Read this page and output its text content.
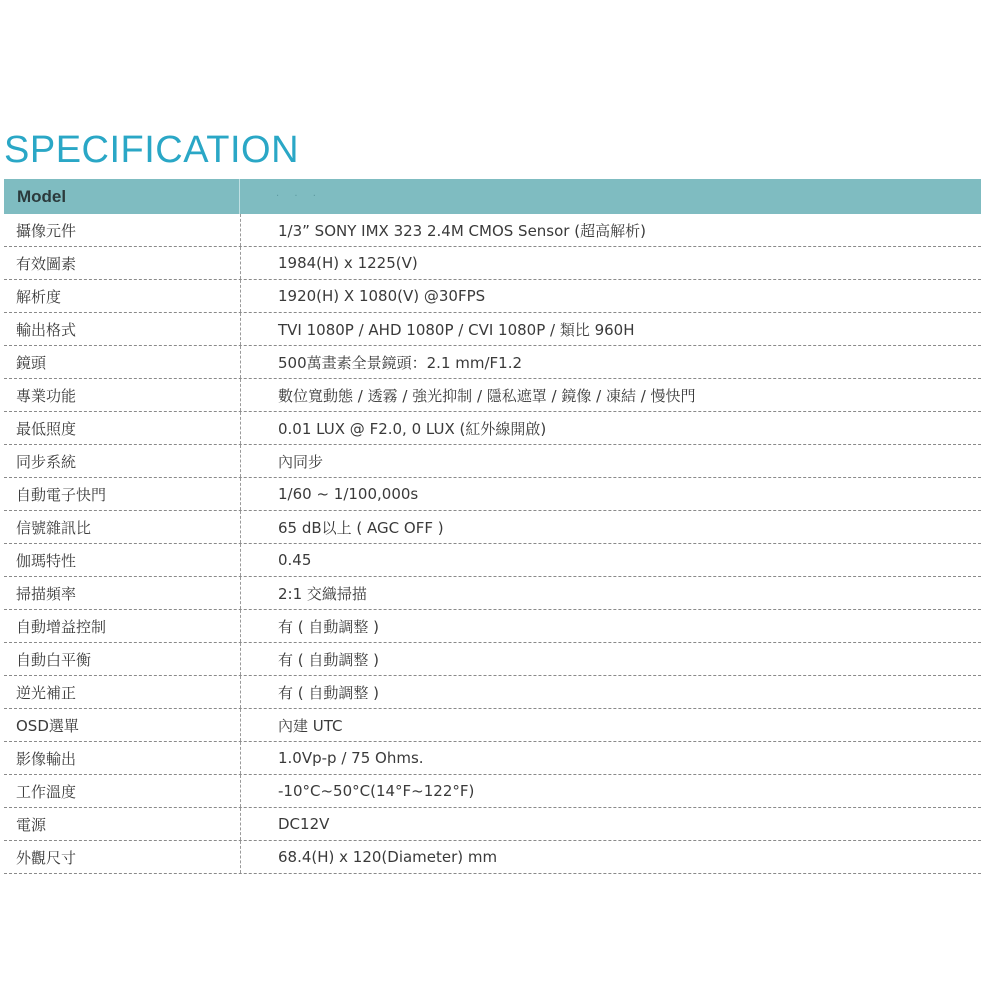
SPECIFICATION
Model	· · ·
攝像元件	1/3” SONY IMX 323 2.4M CMOS Sensor (超高解析)
有效圖素	1984(H) x 1225(V)
解析度	1920(H) X 1080(V) @30FPS
輸出格式	TVI 1080P / AHD 1080P / CVI 1080P / 類比 960H
鏡頭	500萬畫素全景鏡頭：2.1 mm/F1.2
專業功能	數位寬動態 / 透霧 / 強光抑制 / 隱私遮罩 / 鏡像 / 凍結 / 慢快門
最低照度	0.01 LUX @ F2.0, 0 LUX (紅外線開啟)
同步系統	內同步
自動電子快門	1/60 ~ 1/100,000s
信號雜訊比	65 dB以上 ( AGC OFF )
伽瑪特性	0.45
掃描頻率	2:1 交織掃描
自動增益控制	有 ( 自動調整 )
自動白平衡	有 ( 自動調整 )
逆光補正	有 ( 自動調整 )
OSD選單	內建 UTC
影像輸出	1.0Vp-p / 75 Ohms.
工作溫度	-10°C~50°C(14°F~122°F)
電源	DC12V
外觀尺寸	68.4(H) x 120(Diameter) mm
